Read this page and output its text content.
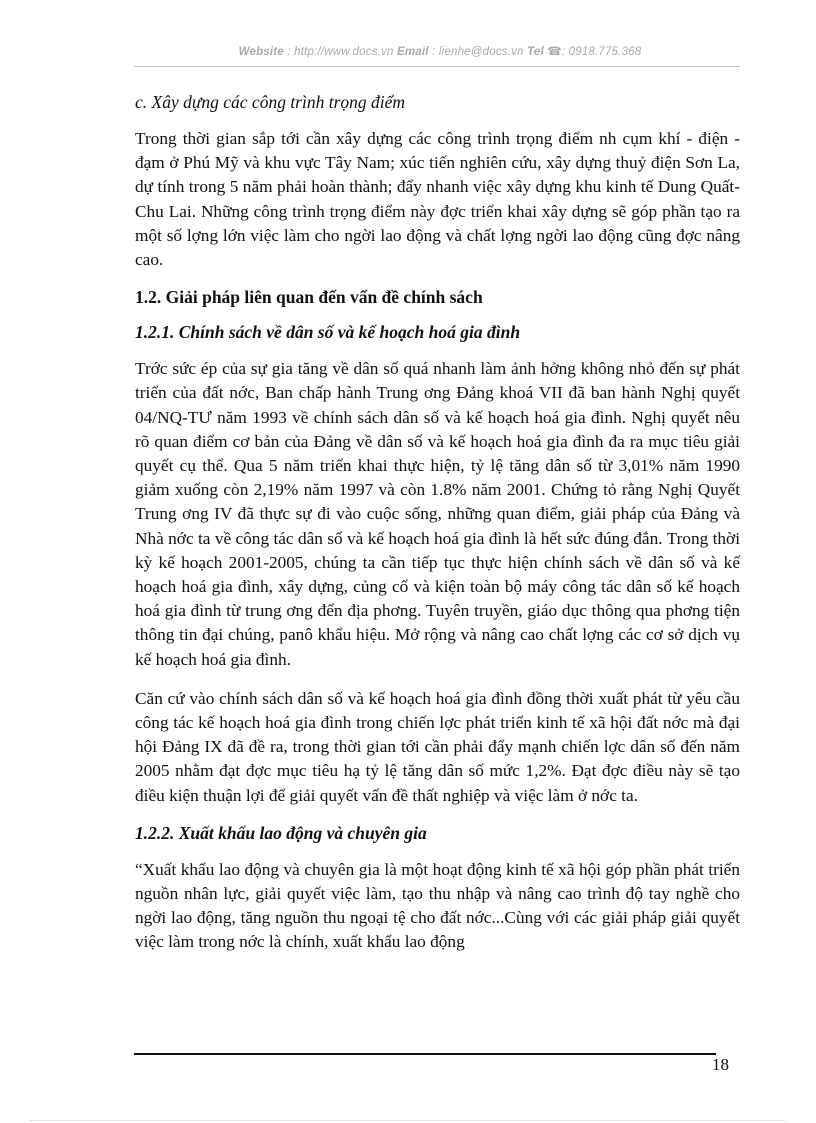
Website : http://www.docs.vn Email : lienhe@docs.vn Tel ☎: 0918.775.368

c. Xây dựng các công trình trọng điểm

Trong thời gian sắp tới cần xây dựng các công trình trọng điểm nh cụm khí - điện - đạm ở Phú Mỹ và khu vực Tây Nam; xúc tiến nghiên cứu, xây dựng thuỷ điện Sơn La, dự tính trong 5 năm phải hoàn thành; đẩy nhanh việc xây dựng khu kinh tế Dung Quất- Chu Lai. Những công trình trọng điểm này đợc triển khai xây dựng sẽ góp phần tạo ra một số lợng lớn việc làm cho ngời lao động và chất lợng ngời lao động cũng đợc nâng cao.

1.2. Giải pháp liên quan đến vấn đề chính sách

1.2.1. Chính sách về dân số và kế hoạch hoá gia đình

Trớc sức ép của sự gia tăng về dân số quá nhanh làm ảnh hởng không nhỏ đến sự phát triển của đất nớc, Ban chấp hành Trung ơng Đảng khoá VII đã ban hành Nghị quyết 04/NQ-TƯ năm 1993 về chính sách dân số và kế hoạch hoá gia đình. Nghị quyết nêu rõ quan điểm cơ bản của Đảng về dân số và kế hoạch hoá gia đình đa ra mục tiêu giải quyết cụ thể. Qua 5 năm triển khai thực hiện, tỷ lệ tăng dân số từ 3,01% năm 1990 giảm xuống còn 2,19% năm 1997 và còn 1.8% năm 2001. Chứng tỏ rằng Nghị Quyết Trung ơng IV đã thực sự đi vào cuộc sống, những quan điểm, giải pháp của Đảng và Nhà nớc ta về công tác dân số và kế hoạch hoá gia đình là hết sức đúng đắn. Trong thời kỳ kế hoạch 2001-2005, chúng ta cần tiếp tục thực hiện chính sách về dân số và kế hoạch hoá gia đình, xây dựng, củng cố và kiện toàn bộ máy công tác dân số kế hoạch hoá gia đình từ trung ơng đến địa phơng. Tuyên truyền, giáo dục thông qua phơng tiện thông tin đại chúng, panô khẩu hiệu. Mở rộng và nâng cao chất lợng các cơ sở dịch vụ kế hoạch hoá gia đình.

Căn cứ vào chính sách dân số và kế hoạch hoá gia đình đồng thời xuất phát từ yêu cầu công tác kế hoạch hoá gia đình trong chiến lợc phát triển kinh tế xã hội đất nớc mà đại hội Đảng IX đã đề ra, trong thời gian tới cần phải đẩy mạnh chiến lợc dân số đến năm 2005 nhằm đạt đợc mục tiêu hạ tỷ lệ tăng dân số mức 1,2%. Đạt đợc điều này sẽ tạo điều kiện thuận lợi để giải quyết vấn đề thất nghiệp và việc làm ở nớc ta.

1.2.2. Xuất khẩu lao động và chuyên gia

“Xuất khẩu lao động và chuyên gia là một hoạt động kinh tế xã hội góp phần phát triển nguồn nhân lực, giải quyết việc làm, tạo thu nhập và nâng cao trình độ tay nghề cho ngời lao động, tăng nguồn thu ngoại tệ cho đất nớc...Cùng với các giải pháp giải quyết việc làm trong nớc là chính, xuất khẩu lao động

18
